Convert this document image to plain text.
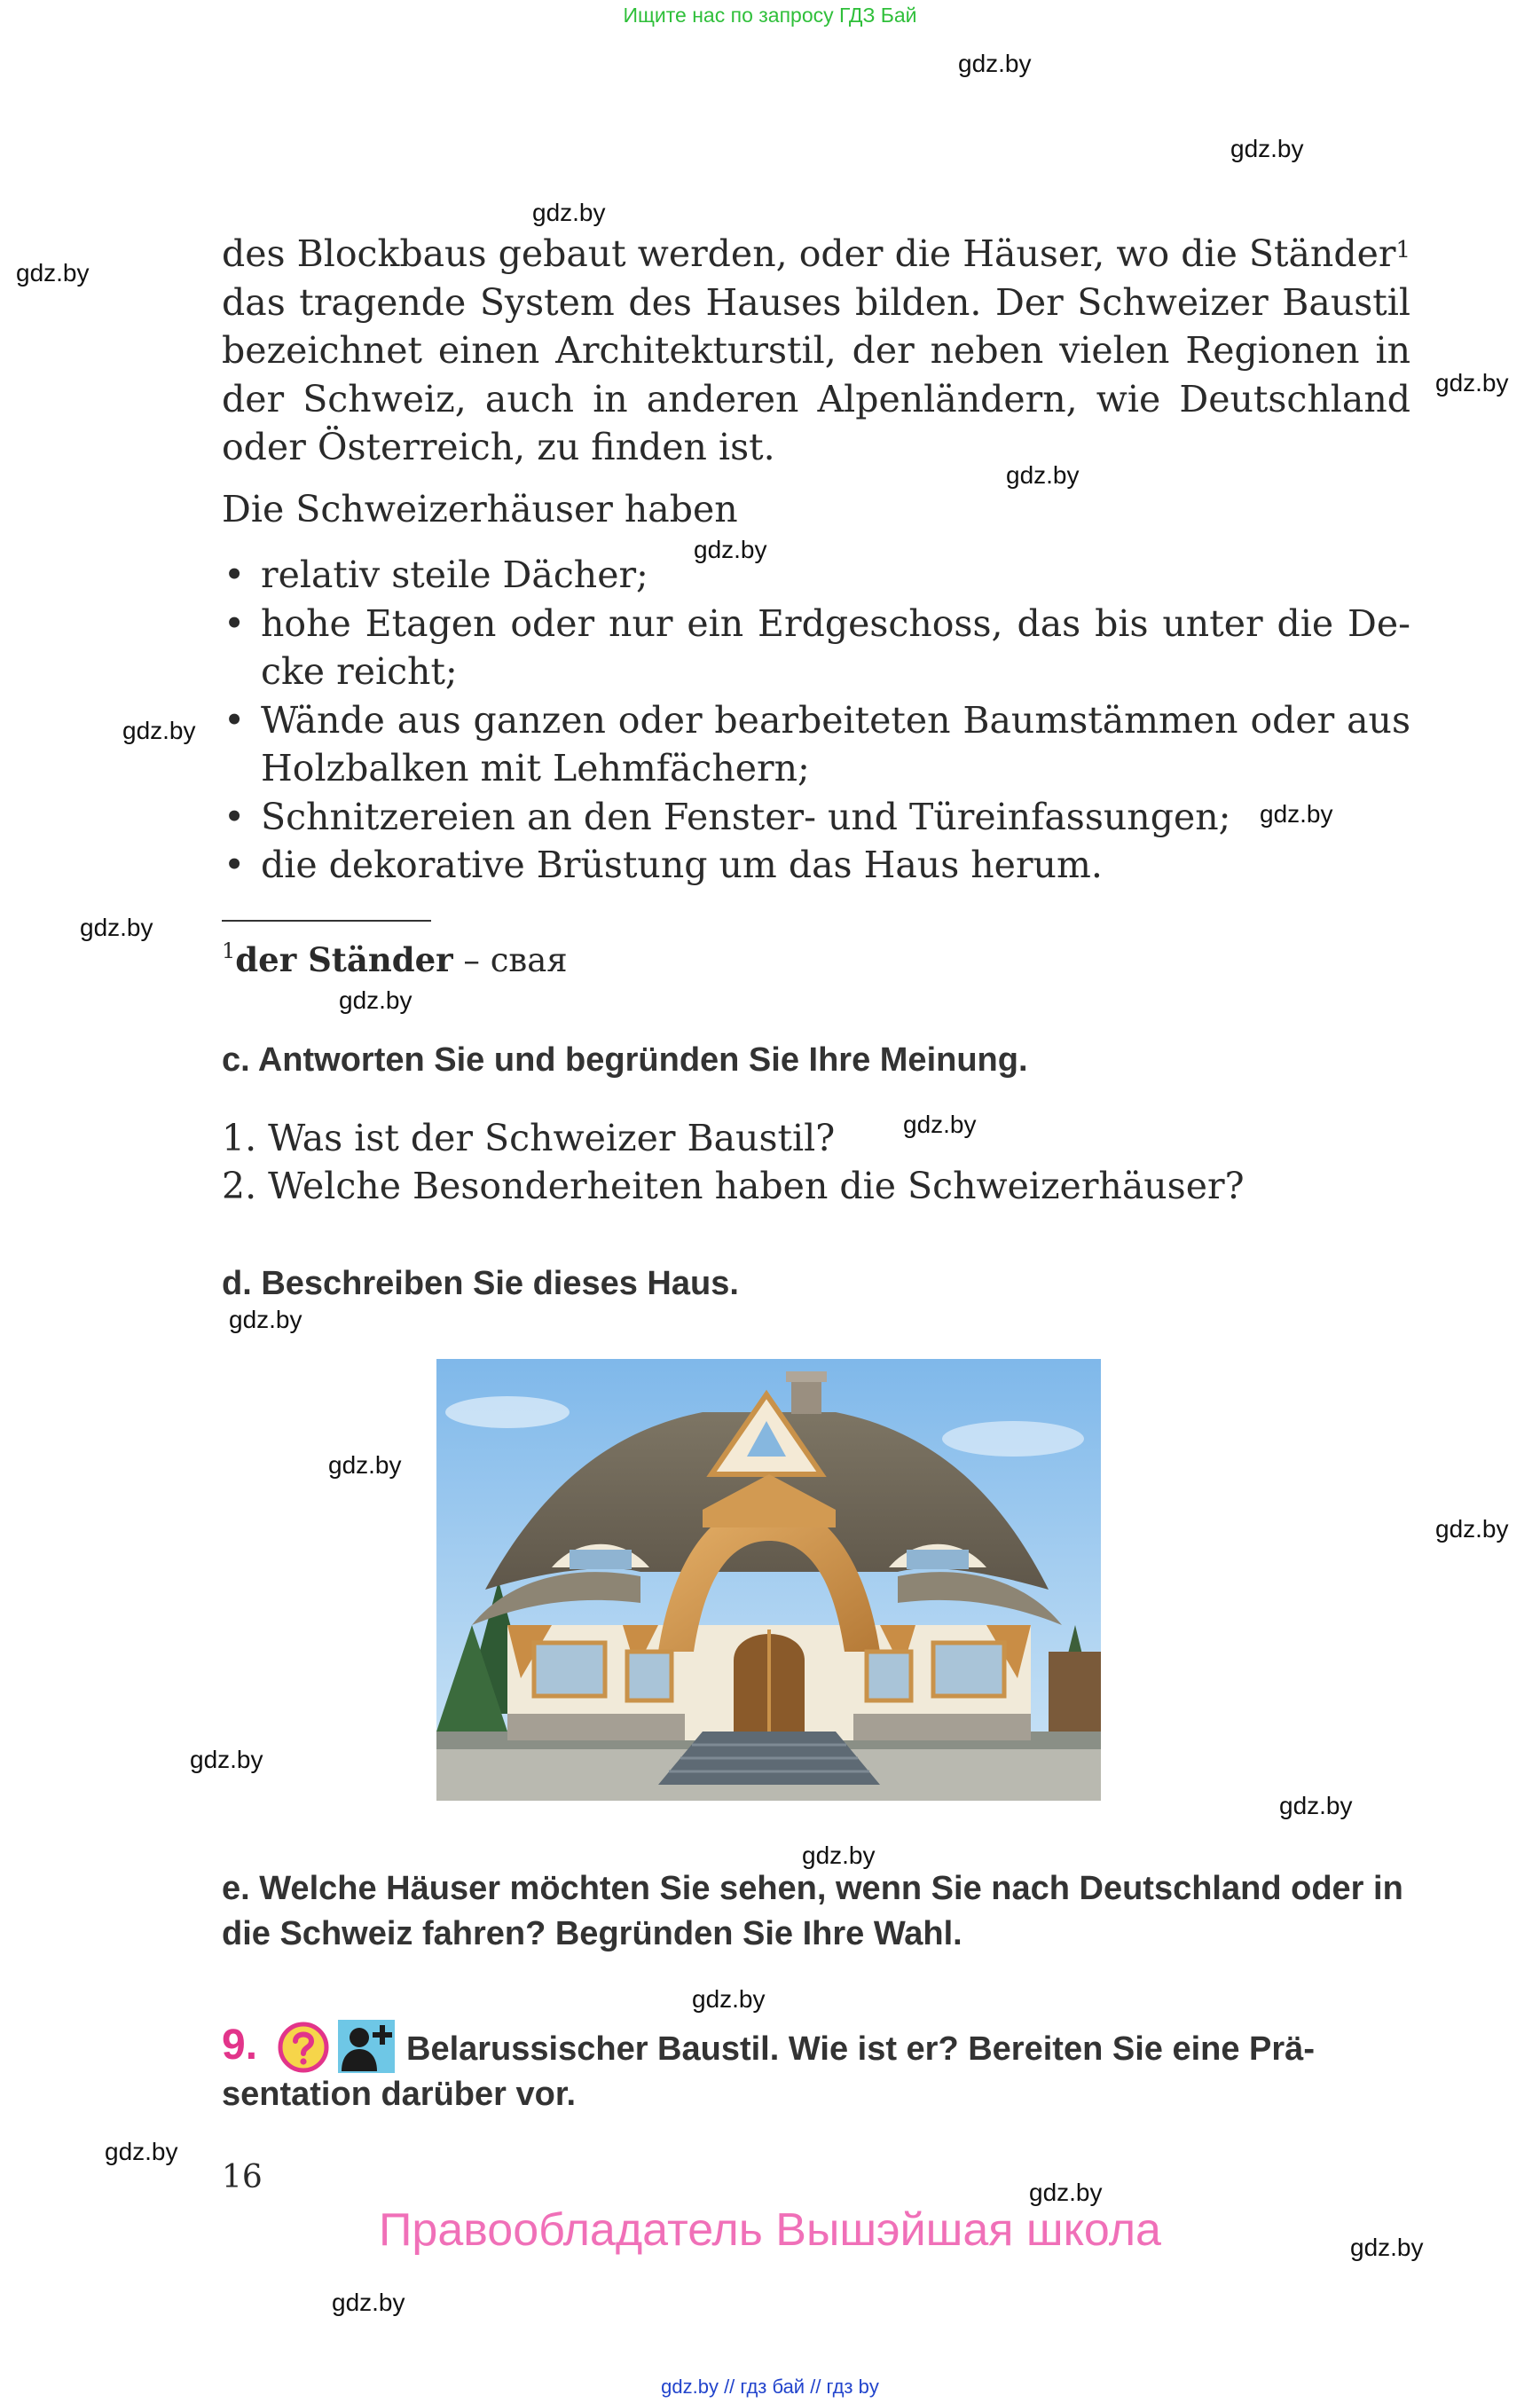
Ищите нас по запросу ГДЗ Бай
gdz.by
gdz.by
gdz.by
gdz.by
gdz.by
gdz.by
gdz.by
gdz.by
gdz.by
gdz.by
gdz.by
gdz.by
gdz.by
gdz.by
gdz.by
gdz.by
gdz.by
gdz.by
gdz.by
gdz.by
gdz.by
gdz.by
gdz.by
des Blockbaus gebaut werden, oder die Häuser, wo die Ständer$^1$ das tragende System des Hauses bilden. Der Schweizer Baustil bezeichnet einen Architekturstil, der neben vielen Regionen in der Schweiz, auch in anderen Alpenländern, wie Deutschland oder Österreich, zu finden ist.
Die Schweizerhäuser haben
• relativ steile Dächer;
• hohe Etagen oder nur ein Erdgeschoss, das bis unter die Decke reicht;
• Wände aus ganzen oder bearbeiteten Baumstämmen oder aus Holzbalken mit Lehmfächern;
• Schnitzereien an den Fenster- und Türeinfassungen;
• die dekorative Brüstung um das Haus herum.
$^1$der Ständer – свая
c. Antworten Sie und begründen Sie Ihre Meinung.
1. Was ist der Schweizer Baustil?
2. Welche Besonderheiten haben die Schweizerhäuser?
d. Beschreiben Sie dieses Haus.
e. Welche Häuser möchten Sie sehen, wenn Sie nach Deutschland oder in die Schweiz fahren? Begründen Sie Ihre Wahl.
9.	Belarussischer Baustil. Wie ist er? Bereiten Sie eine Präsentation darüber vor.
16
Правообладатель Вышэйшая школа
gdz.by // гдз бай // гдз by
